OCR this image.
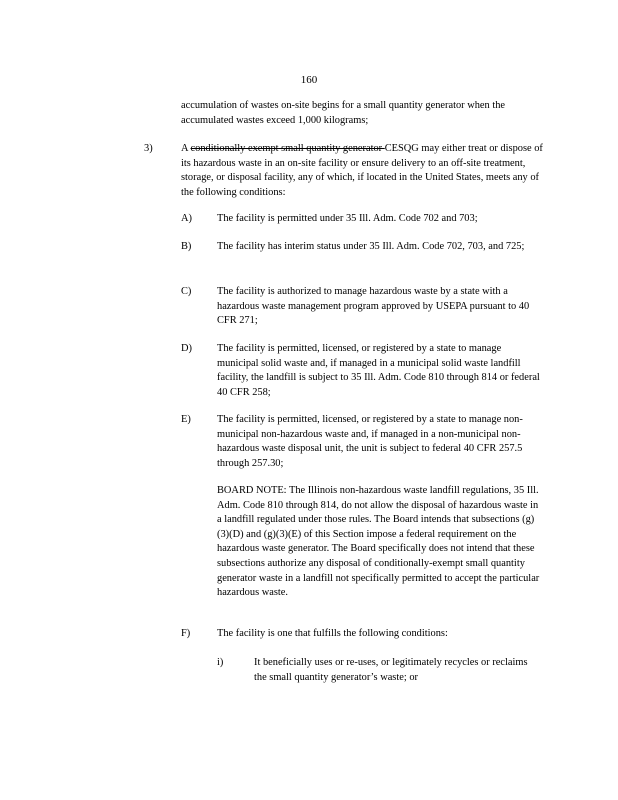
160

accumulation of wastes on-site begins for a small quantity generator when the accumulated wastes exceed 1,000 kilograms;

3)	A conditionally exempt small quantity generator CESQG may either treat or dispose of its hazardous waste in an on-site facility or ensure delivery to an off-site treatment, storage, or disposal facility, any of which, if located in the United States, meets any of the following conditions:

A) The facility is permitted under 35 Ill. Adm. Code 702 and 703;

B) The facility has interim status under 35 Ill. Adm. Code 702, 703, and 725;

C) The facility is authorized to manage hazardous waste by a state with a hazardous waste management program approved by USEPA pursuant to 40 CFR 271;

D) The facility is permitted, licensed, or registered by a state to manage municipal solid waste and, if managed in a municipal solid waste landfill facility, the landfill is subject to 35 Ill. Adm. Code 810 through 814 or federal 40 CFR 258;

E)	The facility is permitted, licensed, or registered by a state to manage non-municipal non-hazardous waste and, if managed in a non-municipal non-hazardous waste disposal unit, the unit is subject to federal 40 CFR 257.5 through 257.30;

BOARD NOTE: The Illinois non-hazardous waste landfill regulations, 35 Ill. Adm. Code 810 through 814, do not allow the disposal of hazardous waste in a landfill regulated under those rules. The Board intends that subsections (g)(3)(D) and (g)(3)(E) of this Section impose a federal requirement on the hazardous waste generator. The Board specifically does not intend that these subsections authorize any disposal of conditionally-exempt small quantity generator waste in a landfill not specifically permitted to accept the particular hazardous waste.

F)	The facility is one that fulfills the following conditions:

i)	It beneficially uses or re-uses, or legitimately recycles or reclaims the small quantity generator’s waste; or
